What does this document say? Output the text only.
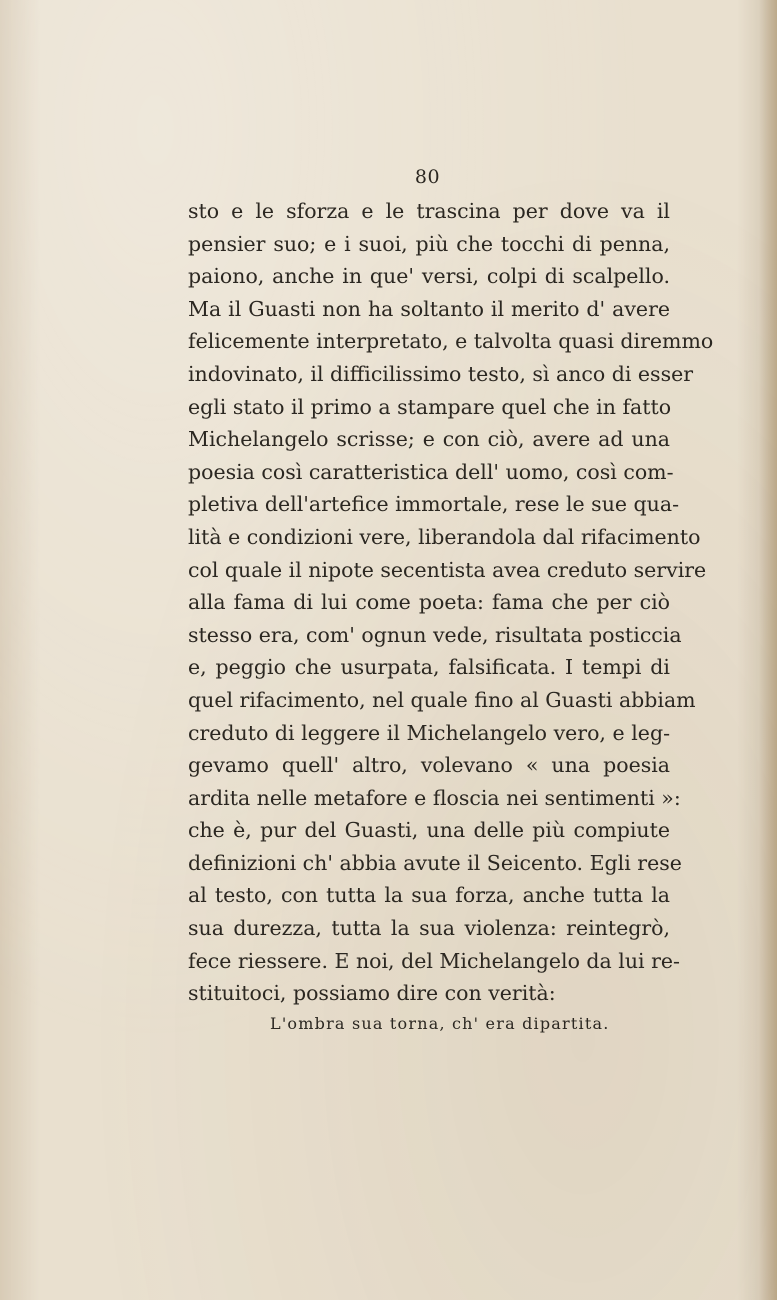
80
sto e le sforza e le trascina per dove va il
pensier suo; e i suoi, più che tocchi di penna,
paiono, anche in que' versi, colpi di scalpello.
Ma il Guasti non ha soltanto il merito d' avere
felicemente interpretato, e talvolta quasi diremmo
indovinato, il difficilissimo testo, sì anco di esser
egli stato il primo a stampare quel che in fatto
Michelangelo scrisse; e con ciò, avere ad una
poesia così caratteristica dell' uomo, così com-
pletiva dell'artefice immortale, rese le sue qua-
lità e condizioni vere, liberandola dal rifacimento
col quale il nipote secentista avea creduto servire
alla fama di lui come poeta: fama che per ciò
stesso era, com' ognun vede, risultata posticcia
e, peggio che usurpata, falsificata. I tempi di
quel rifacimento, nel quale fino al Guasti abbiam
creduto di leggere il Michelangelo vero, e leg-
gevamo quell' altro, volevano « una poesia
ardita nelle metafore e floscia nei sentimenti »:
che è, pur del Guasti, una delle più compiute
definizioni ch' abbia avute il Seicento. Egli rese
al testo, con tutta la sua forza, anche tutta la
sua durezza, tutta la sua violenza: reintegrò,
fece riessere. E noi, del Michelangelo da lui re-
stituitoci, possiamo dire con verità:
L'ombra sua torna, ch' era dipartita.
